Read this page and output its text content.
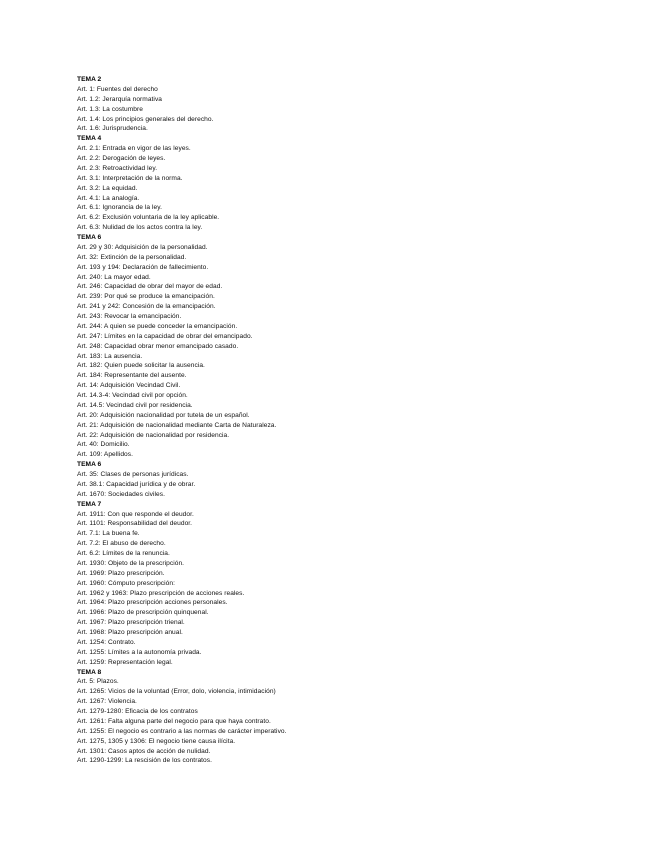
TEMA 2
Art. 1: Fuentes del derecho
Art. 1.2: Jerarquía normativa
Art. 1.3: La costumbre
Art. 1.4: Los principios generales del derecho.
Art. 1.6: Jurisprudencia.
TEMA 4
Art. 2.1: Entrada en vigor de las leyes.
Art. 2.2: Derogación de leyes.
Art. 2.3: Retroactividad ley.
Art. 3.1: Interpretación de la norma.
Art. 3.2: La equidad.
Art. 4.1: La analogía.
Art. 6.1: Ignorancia de la ley.
Art. 6.2: Exclusión voluntaria de la ley aplicable.
Art. 6.3: Nulidad de los actos contra la ley.
TEMA 6
Art. 29 y 30: Adquisición de la personalidad.
Art. 32: Extinción de la personalidad.
Art. 193 y 194: Declaración de fallecimiento.
Art. 240: La mayor edad.
Art. 246: Capacidad de obrar del mayor de edad.
Art. 239: Por qué se produce la emancipación.
Art. 241 y 242: Concesión de la emancipación.
Art. 243: Revocar la emancipación.
Art. 244: A quien se puede conceder la emancipación.
Art. 247: Límites en la capacidad de obrar del emancipado.
Art. 248: Capacidad obrar menor emancipado casado.
Art. 183: La ausencia.
Art. 182: Quien puede solicitar la ausencia.
Art. 184: Representante del ausente.
Art. 14: Adquisición Vecindad Civil.
Art. 14.3-4: Vecindad civil por opción.
Art. 14.5: Vecindad civil por residencia.
Art. 20: Adquisición nacionalidad por tutela de un español.
Art. 21: Adquisición de nacionalidad mediante Carta de Naturaleza.
Art. 22: Adquisición de nacionalidad por residencia.
Art. 40: Domicilio.
Art. 109: Apellidos.
TEMA 6
Art. 35: Clases de personas jurídicas.
Art. 38.1: Capacidad jurídica y de obrar.
Art. 1670: Sociedades civiles.
TEMA 7
Art. 1911: Con que responde el deudor.
Art. 1101: Responsabilidad del deudor.
Art. 7.1: La buena fe.
Art. 7.2: El abuso de derecho.
Art. 6.2: Límites de la renuncia.
Art. 1930: Objeto de la prescripción.
Art. 1969: Plazo prescripción.
Art. 1960: Cómputo prescripción:
Art. 1962 y 1963: Plazo prescripción de acciones reales.
Art. 1964: Plazo prescripción acciones personales.
Art. 1966: Plazo de prescripción quinquenal.
Art. 1967: Plazo prescripción trienal.
Art. 1968: Plazo prescripción anual.
Art. 1254: Contrato.
Art. 1255: Límites a la autonomía privada.
Art. 1259: Representación legal.
TEMA 8
Art. 5: Plazos.
Art. 1265: Vicios de la voluntad (Error, dolo, violencia, intimidación)
Art. 1267: Violencia.
Art. 1279-1280: Eficacia de los contratos
Art. 1261: Falta alguna parte del negocio para que haya contrato.
Art. 1255: El negocio es contrario a las normas de carácter imperativo.
Art. 1275, 1305 y 1306: El negocio tiene causa ilícita.
Art. 1301: Casos aptos de acción de nulidad.
Art. 1290-1299: La rescisión de los contratos.
